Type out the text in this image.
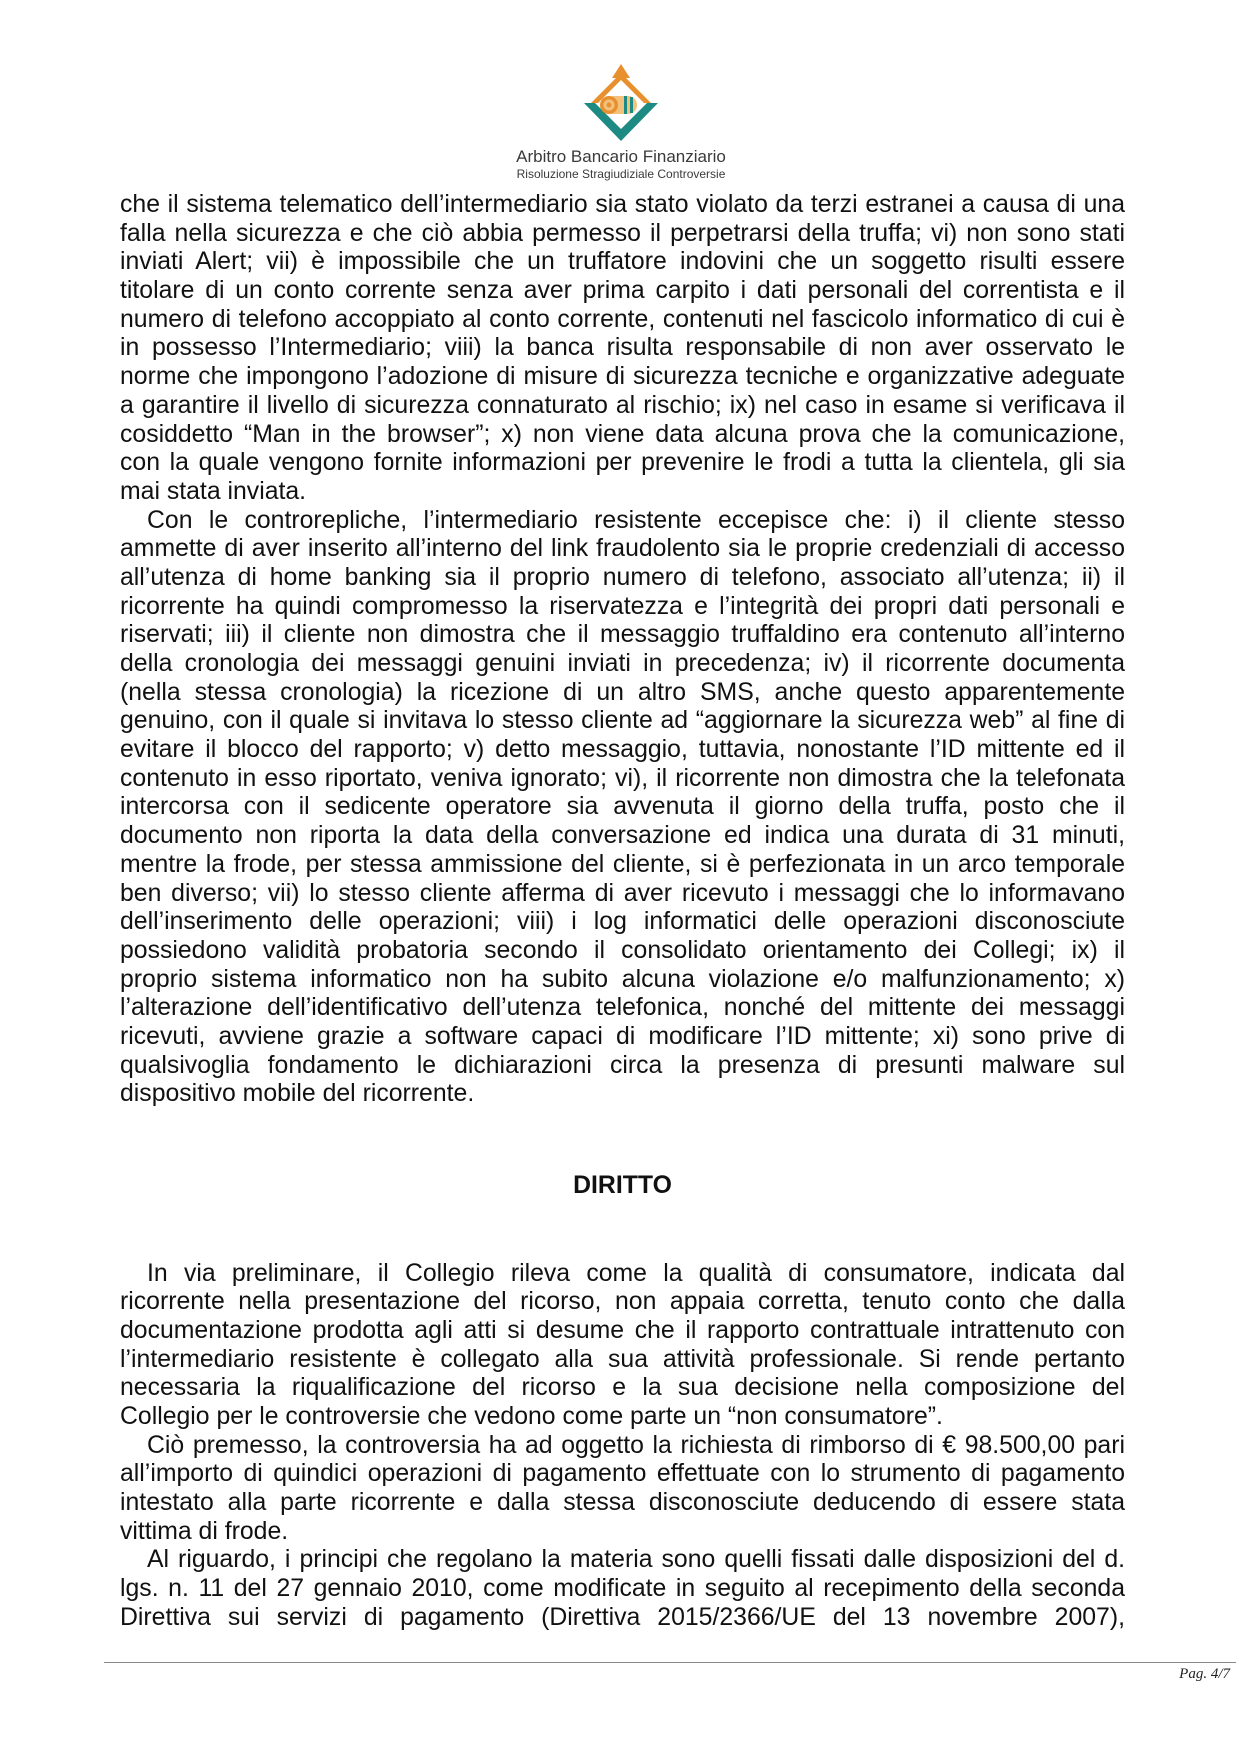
Arbitro Bancario Finanziario
Risoluzione Stragiudiziale Controversie
che il sistema telematico dell’intermediario sia stato violato da terzi estranei a causa di una
falla nella sicurezza e che ciò abbia permesso il perpetrarsi della truffa; vi) non sono stati
inviati Alert; vii) è impossibile che un truffatore indovini che un soggetto risulti essere
titolare di un conto corrente senza aver prima carpito i dati personali del correntista e il
numero di telefono accoppiato al conto corrente, contenuti nel fascicolo informatico di cui è
in possesso l’Intermediario; viii) la banca risulta responsabile di non aver osservato le
norme che impongono l’adozione di misure di sicurezza tecniche e organizzative adeguate
a garantire il livello di sicurezza connaturato al rischio; ix) nel caso in esame si verificava il
cosiddetto “Man in the browser”; x) non viene data alcuna prova che la comunicazione,
con la quale vengono fornite informazioni per prevenire le frodi a tutta la clientela, gli sia
mai stata inviata.
Con le controrepliche, l’intermediario resistente eccepisce che: i) il cliente stesso
ammette di aver inserito all’interno del link fraudolento sia le proprie credenziali di accesso
all’utenza di home banking sia il proprio numero di telefono, associato all’utenza; ii) il
ricorrente ha quindi compromesso la riservatezza e l’integrità dei propri dati personali e
riservati; iii) il cliente non dimostra che il messaggio truffaldino era contenuto all’interno
della cronologia dei messaggi genuini inviati in precedenza; iv) il ricorrente documenta
(nella stessa cronologia) la ricezione di un altro SMS, anche questo apparentemente
genuino, con il quale si invitava lo stesso cliente ad “aggiornare la sicurezza web” al fine di
evitare il blocco del rapporto; v) detto messaggio, tuttavia, nonostante l’ID mittente ed il
contenuto in esso riportato, veniva ignorato; vi), il ricorrente non dimostra che la telefonata
intercorsa con il sedicente operatore sia avvenuta il giorno della truffa, posto che il
documento non riporta la data della conversazione ed indica una durata di 31 minuti,
mentre la frode, per stessa ammissione del cliente, si è perfezionata in un arco temporale
ben diverso; vii) lo stesso cliente afferma di aver ricevuto i messaggi che lo informavano
dell’inserimento delle operazioni; viii) i log informatici delle operazioni disconosciute
possiedono validità probatoria secondo il consolidato orientamento dei Collegi; ix) il
proprio sistema informatico non ha subito alcuna violazione e/o malfunzionamento; x)
l’alterazione dell’identificativo dell’utenza telefonica, nonché del mittente dei messaggi
ricevuti, avviene grazie a software capaci di modificare l’ID mittente; xi) sono prive di
qualsivoglia fondamento le dichiarazioni circa la presenza di presunti malware sul
dispositivo mobile del ricorrente.
DIRITTO
In via preliminare, il Collegio rileva come la qualità di consumatore, indicata dal
ricorrente nella presentazione del ricorso, non appaia corretta, tenuto conto che dalla
documentazione prodotta agli atti si desume che il rapporto contrattuale intrattenuto con
l’intermediario resistente è collegato alla sua attività professionale. Si rende pertanto
necessaria la riqualificazione del ricorso e la sua decisione nella composizione del
Collegio per le controversie che vedono come parte un “non consumatore”.
Ciò premesso, la controversia ha ad oggetto la richiesta di rimborso di € 98.500,00 pari
all’importo di quindici operazioni di pagamento effettuate con lo strumento di pagamento
intestato alla parte ricorrente e dalla stessa disconosciute deducendo di essere stata
vittima di frode.
Al riguardo, i principi che regolano la materia sono quelli fissati dalle disposizioni del d.
lgs. n. 11 del 27 gennaio 2010, come modificate in seguito al recepimento della seconda
Direttiva sui servizi di pagamento (Direttiva 2015/2366/UE del 13 novembre 2007),
Pag. 4/7
